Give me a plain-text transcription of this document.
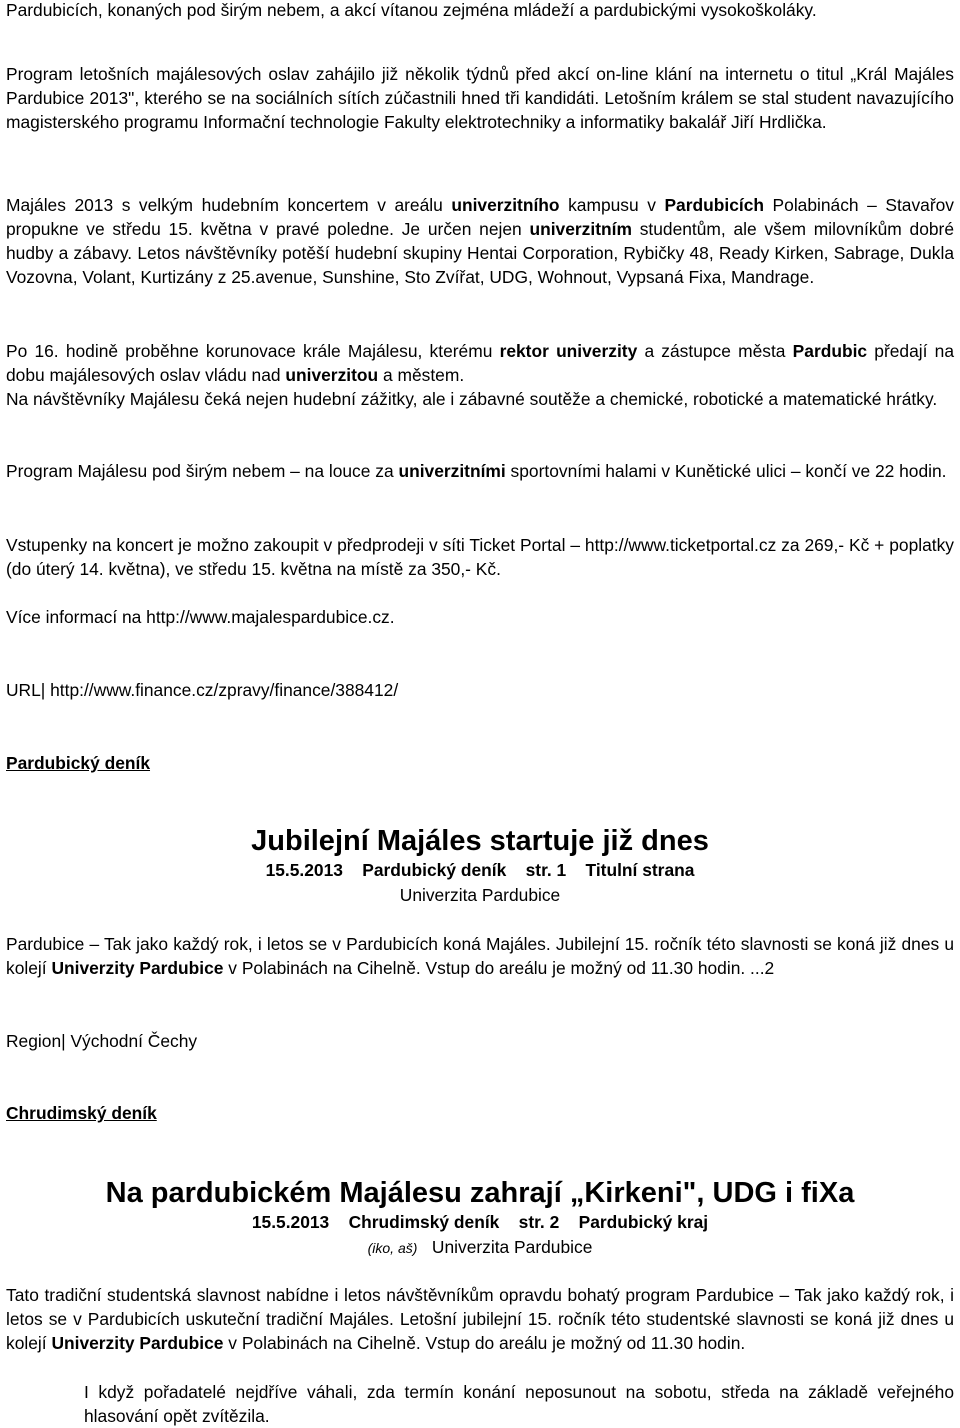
Pardubicích, konaných pod širým nebem, a akcí vítanou zejména mládeží a pardubickými vysokoškoláky.

Program letošních majálesových oslav zahájilo již několik týdnů před akcí on-line klání na internetu o titul „Král Majáles Pardubice 2013", kterého se na sociálních sítích zúčastnili hned tři kandidáti. Letošním králem se stal student navazujícího magisterského programu Informační technologie Fakulty elektrotechniky a informatiky bakalář Jiří Hrdlička.

Majáles 2013 s velkým hudebním koncertem v areálu univerzitního kampusu v Pardubicích Polabinách – Stavařov propukne ve středu 15. května v pravé poledne. Je určen nejen univerzitním studentům, ale všem milovníkům dobré hudby a zábavy. Letos návštěvníky potěší hudební skupiny Hentai Corporation, Rybičky 48, Ready Kirken, Sabrage, Dukla Vozovna, Volant, Kurtizány z 25.avenue, Sunshine, Sto Zvířat, UDG, Wohnout, Vypsaná Fixa, Mandrage.

Po 16. hodině proběhne korunovace krále Majálesu, kterému rektor univerzity a zástupce města Pardubic předají na dobu majálesových oslav vládu nad univerzitou a městem.

Na návštěvníky Majálesu čeká nejen hudební zážitky, ale i zábavné soutěže a chemické, robotické a matematické hrátky.

Program Majálesu pod širým nebem – na louce za univerzitními sportovními halami v Kunětické ulici – končí ve 22 hodin.

Vstupenky na koncert je možno zakoupit v předprodeji v síti Ticket Portal – http://www.ticketportal.cz za 269,- Kč + poplatky (do úterý 14. května), ve středu 15. května na místě za 350,- Kč.

Více informací na http://www.majalespardubice.cz.

URL| http://www.finance.cz/zpravy/finance/388412/

Pardubický deník

Jubilejní Majáles startuje již dnes

15.5.2013 Pardubický deník str. 1 Titulní strana

Univerzita Pardubice

Pardubice – Tak jako každý rok, i letos se v Pardubicích koná Majáles. Jubilejní 15. ročník této slavnosti se koná již dnes u kolejí Univerzity Pardubice v Polabinách na Cihelně. Vstup do areálu je možný od 11.30 hodin. ...2

Region| Východní Čechy

Chrudimský deník

Na pardubickém Majálesu zahrají „Kirkeni", UDG i fiXa

15.5.2013 Chrudimský deník str. 2 Pardubický kraj

(iko, aš) Univerzita Pardubice

Tato tradiční studentská slavnost nabídne i letos návštěvníkům opravdu bohatý program Pardubice – Tak jako každý rok, i letos se v Pardubicích uskuteční tradiční Majáles. Letošní jubilejní 15. ročník této studentské slavnosti se koná již dnes u kolejí Univerzity Pardubice v Polabinách na Cihelně. Vstup do areálu je možný od 11.30 hodin.

I když pořadatelé nejdříve váhali, zda termín konání neposunout na sobotu, středa na základě veřejného hlasování opět zvítězila.
